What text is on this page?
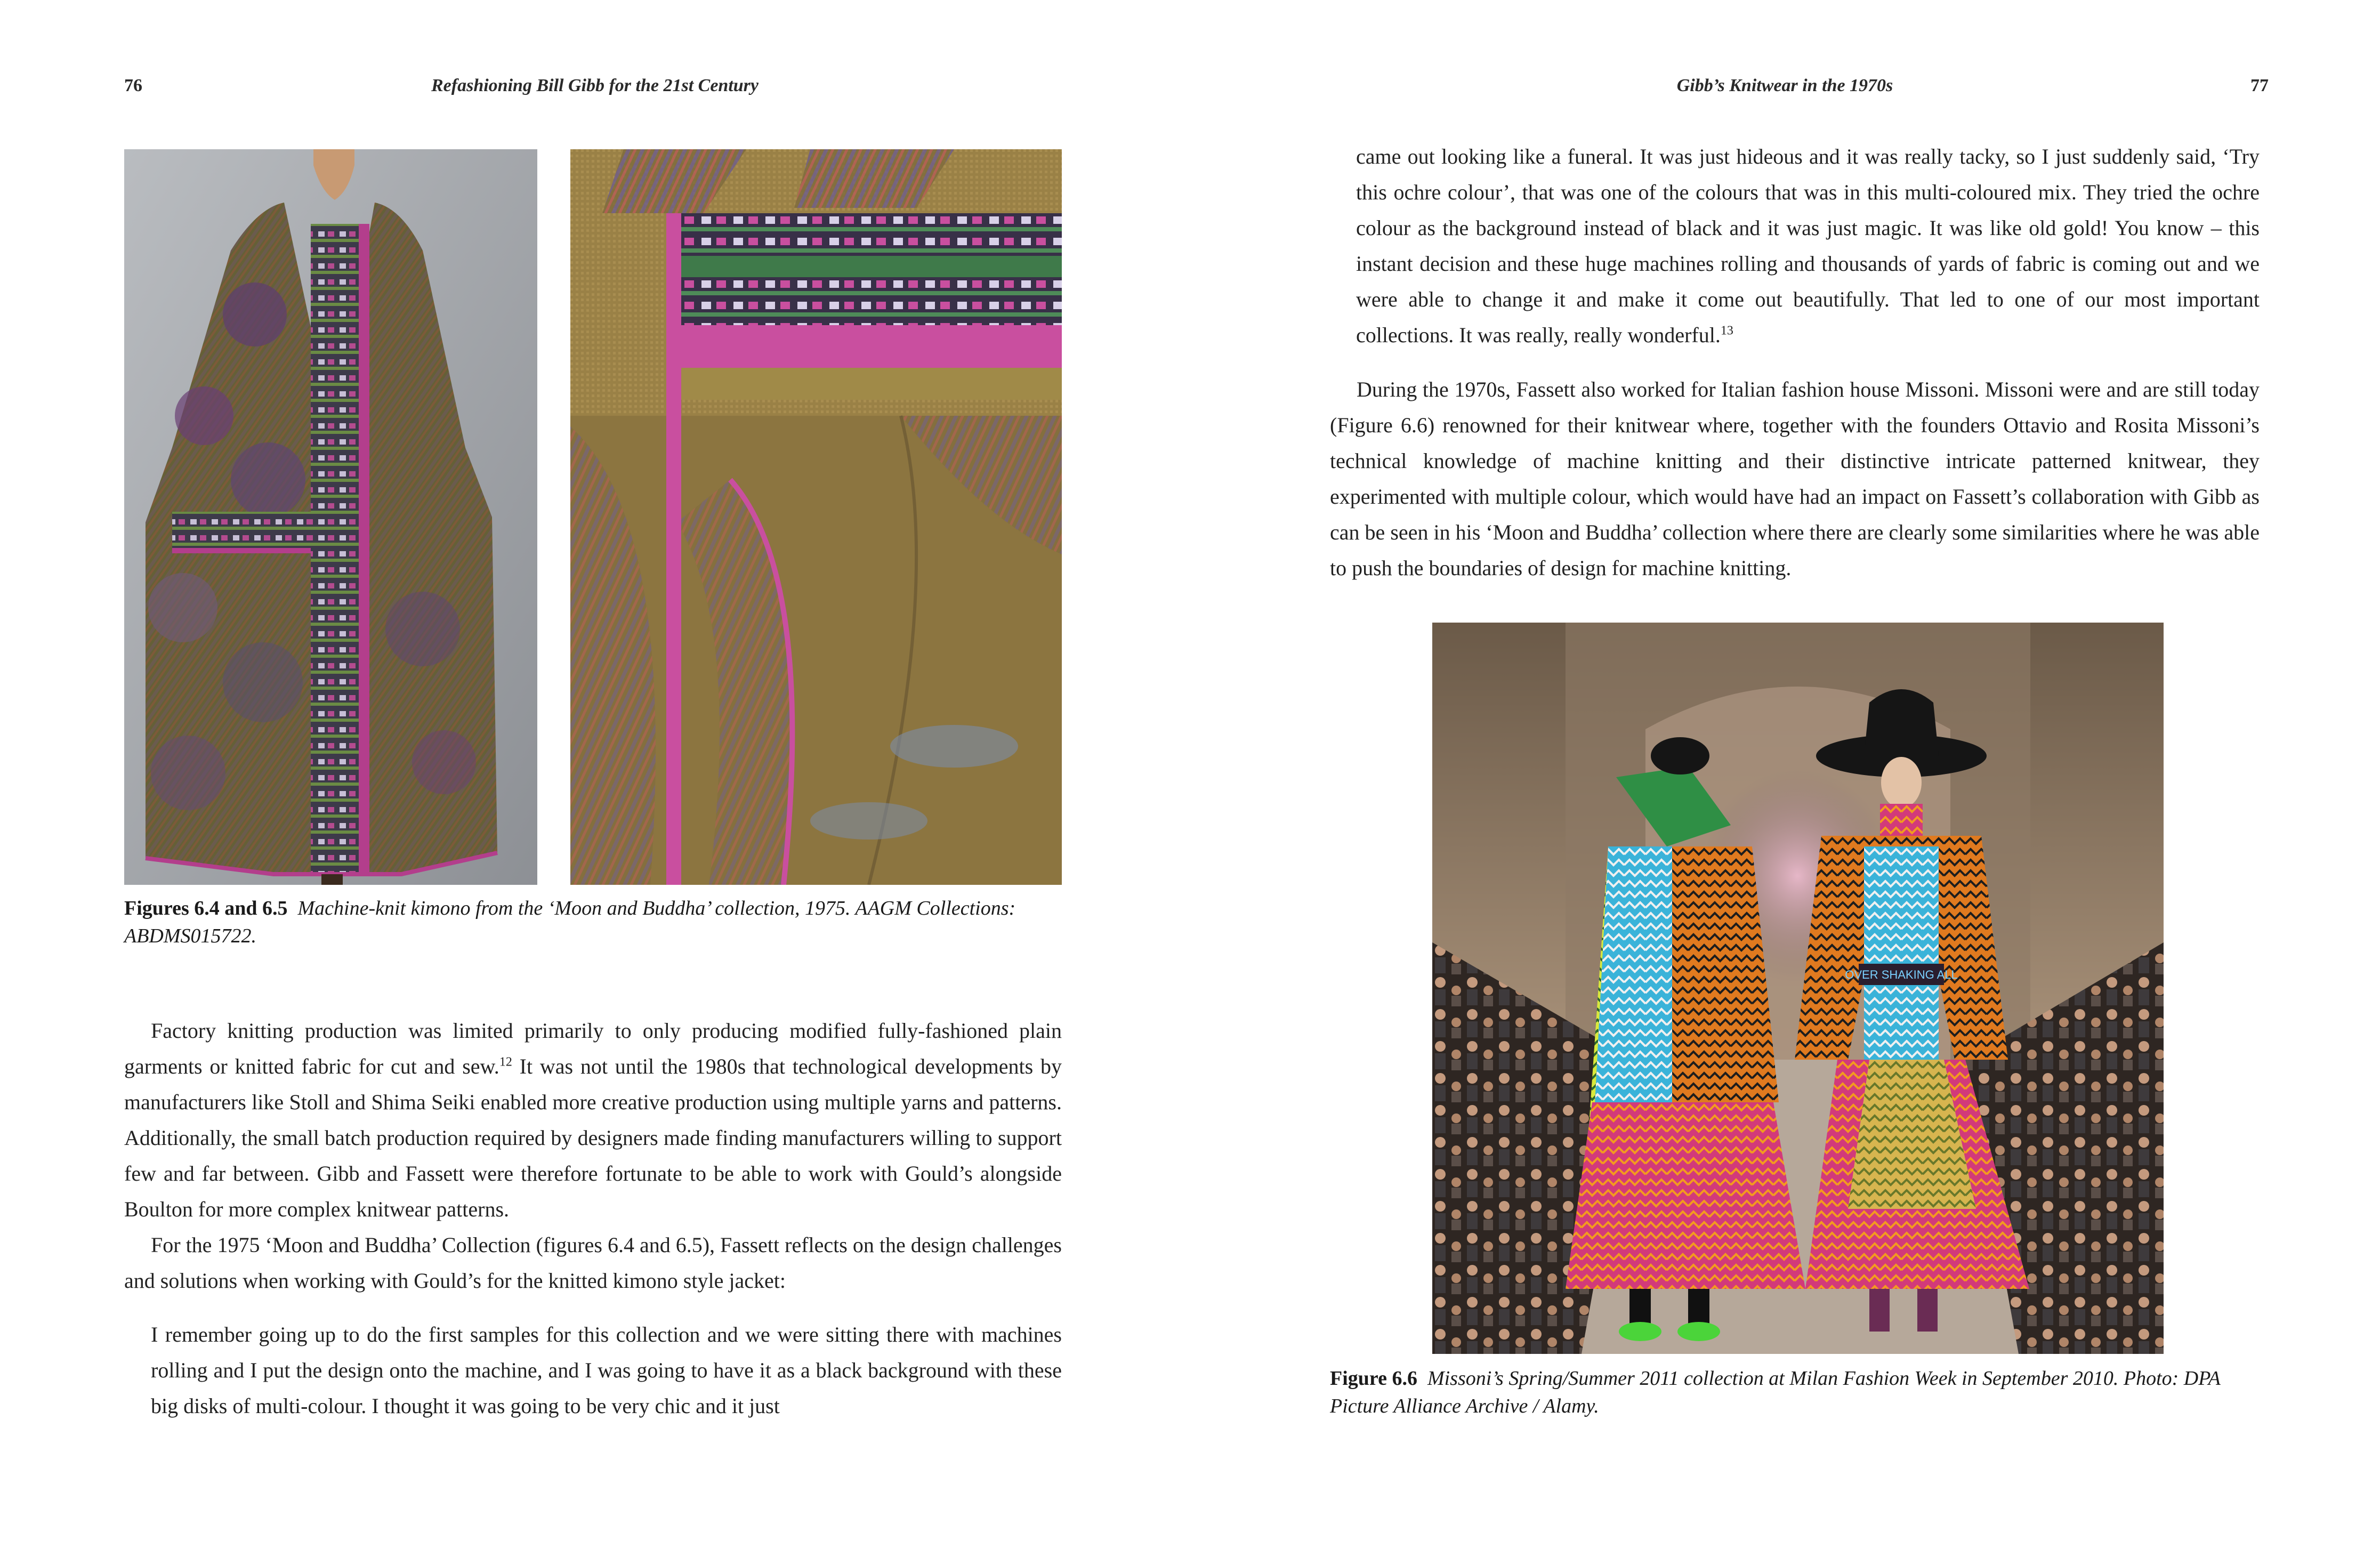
76	Refashioning Bill Gibb for the 21st Century
Figures 6.4 and 6.5 Machine-knit kimono from the ‘Moon and Buddha’ collection, 1975. AAGM Collections: ABDMS015722.

Factory knitting production was limited primarily to only producing modified fully-fashioned plain garments or knitted fabric for cut and sew.$^{12}$ It was not until the 1980s that technological developments by manufacturers like Stoll and Shima Seiki enabled more creative production using multiple yarns and patterns. Additionally, the small batch production required by designers made finding manufacturers willing to support few and far between. Gibb and Fassett were therefore fortunate to be able to work with Gould’s alongside Boulton for more complex knitwear patterns.

For the 1975 ‘Moon and Buddha’ Collection (figures 6.4 and 6.5), Fassett reflects on the design challenges and solutions when working with Gould’s for the knitted kimono style jacket:

I remember going up to do the first samples for this collection and we were sitting there with machines rolling and I put the design onto the machine, and I was going to have it as a black background with these big disks of multi-colour. I thought it was going to be very chic and it just

Gibb’s Knitwear in the 1970s	77

came out looking like a funeral. It was just hideous and it was really tacky, so I just suddenly said, ‘Try this ochre colour’, that was one of the colours that was in this multi-coloured mix. They tried the ochre colour as the background instead of black and it was just magic. It was like old gold! You know – this instant decision and these huge machines rolling and thousands of yards of fabric is coming out and we were able to change it and make it come out beautifully. That led to one of our most important collections. It was really, really wonderful.$^{13}$

During the 1970s, Fassett also worked for Italian fashion house Missoni. Missoni were and are still today (Figure 6.6) renowned for their knitwear where, together with the founders Ottavio and Rosita Missoni’s technical knowledge of machine knitting and their distinctive intricate patterned knitwear, they experimented with multiple colour, which would have had an impact on Fassett’s collaboration with Gibb as can be seen in his ‘Moon and Buddha’ collection where there are clearly some similarities where he was able to push the boundaries of design for machine knitting.

OVER SHAKING ALL
Figure 6.6 Missoni’s Spring/Summer 2011 collection at Milan Fashion Week in September 2010. Photo: DPA Picture Alliance Archive / Alamy.
